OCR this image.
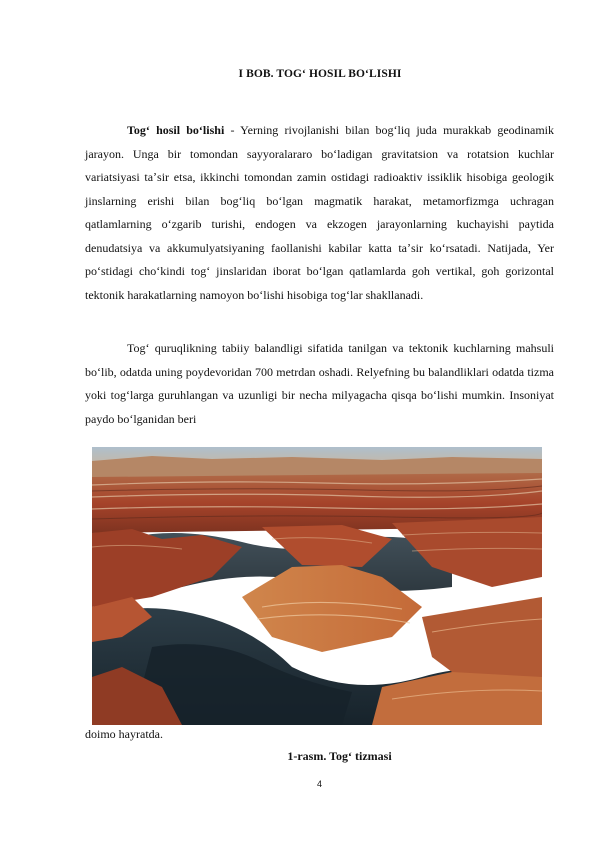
I BOB. TOG‘ HOSIL BO‘LISHI

Tog‘ hosil bo‘lishi - Yerning rivojlanishi bilan bog‘liq juda murakkab geodinamik jarayon. Unga bir tomondan sayyoralararo bo‘ladigan gravitatsion va rotatsion kuchlar variatsiyasi taʼsir etsa, ikkinchi tomondan zamin ostidagi radioaktiv issiklik hisobiga geologik jinslarning erishi bilan bog‘liq bo‘lgan magmatik harakat, metamorfizmga uchragan qatlamlarning o‘zgarib turishi, endogen va ekzogen jarayonlarning kuchayishi paytida denudatsiya va akkumulyatsiyaning faollanishi kabilar katta taʼsir ko‘rsatadi. Natijada, Yer po‘stidagi cho‘kindi tog‘ jinslaridan iborat bo‘lgan qatlamlarda goh vertikal, goh gorizontal tektonik harakatlarning namoyon bo‘lishi hisobiga tog‘lar shakllanadi.

Tog‘ quruqlikning tabiiy balandligi sifatida tanilgan va tektonik kuchlarning mahsuli bo‘lib, odatda uning poydevoridan 700 metrdan oshadi. Relyefning bu balandliklari odatda tizma yoki tog‘larga guruhlangan va uzunligi bir necha milyagacha qisqa bo‘lishi mumkin. Insoniyat paydo bo‘lganidan beri

doimo hayratda.
1-rasm. Tog‘ tizmasi
4
